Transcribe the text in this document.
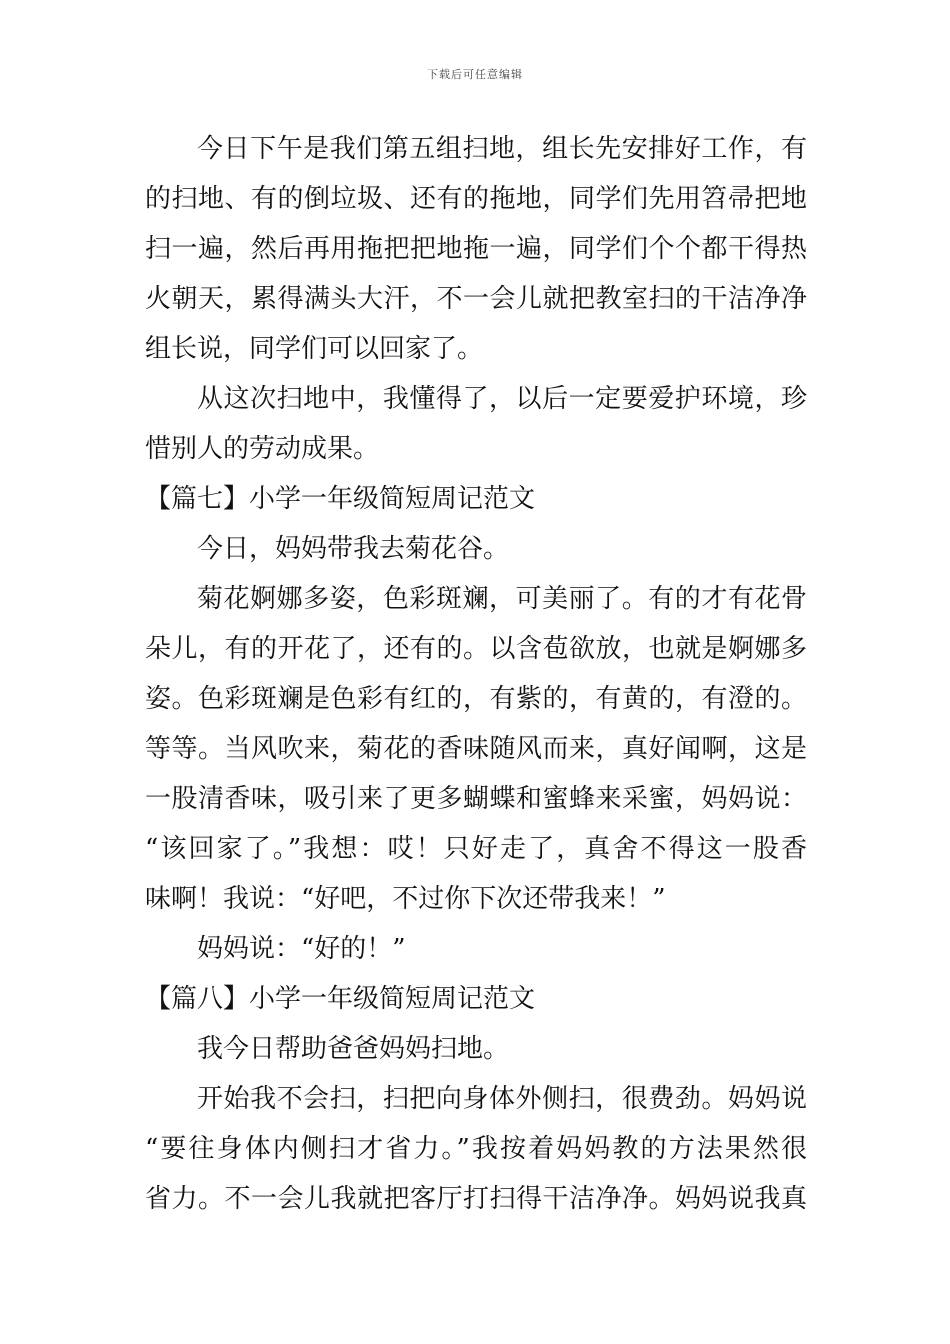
下载后可任意编辑
今日下午是我们第五组扫地，组长先安排好工作，有
的扫地、有的倒垃圾、还有的拖地，同学们先用笤帚把地
扫一遍，然后再用拖把把地拖一遍，同学们个个都干得热
火朝天，累得满头大汗，不一会儿就把教室扫的干洁净净
组长说，同学们可以回家了。
从这次扫地中，我懂得了，以后一定要爱护环境，珍
惜别人的劳动成果。
【篇七】小学一年级简短周记范文
今日，妈妈带我去菊花谷。
菊花婀娜多姿，色彩斑斓，可美丽了。有的才有花骨
朵儿，有的开花了，还有的。以含苞欲放，也就是婀娜多
姿。色彩斑斓是色彩有红的，有紫的，有黄的，有澄的。
等等。当风吹来，菊花的香味随风而来，真好闻啊，这是
一股清香味，吸引来了更多蝴蝶和蜜蜂来采蜜，妈妈说：
“该回家了。”我想：哎！只好走了，真舍不得这一股香
味啊！我说：“好吧，不过你下次还带我来！”
妈妈说：“好的！”
【篇八】小学一年级简短周记范文
我今日帮助爸爸妈妈扫地。
开始我不会扫，扫把向身体外侧扫，很费劲。妈妈说
“要往身体内侧扫才省力。”我按着妈妈教的方法果然很
省力。不一会儿我就把客厅打扫得干洁净净。妈妈说我真
